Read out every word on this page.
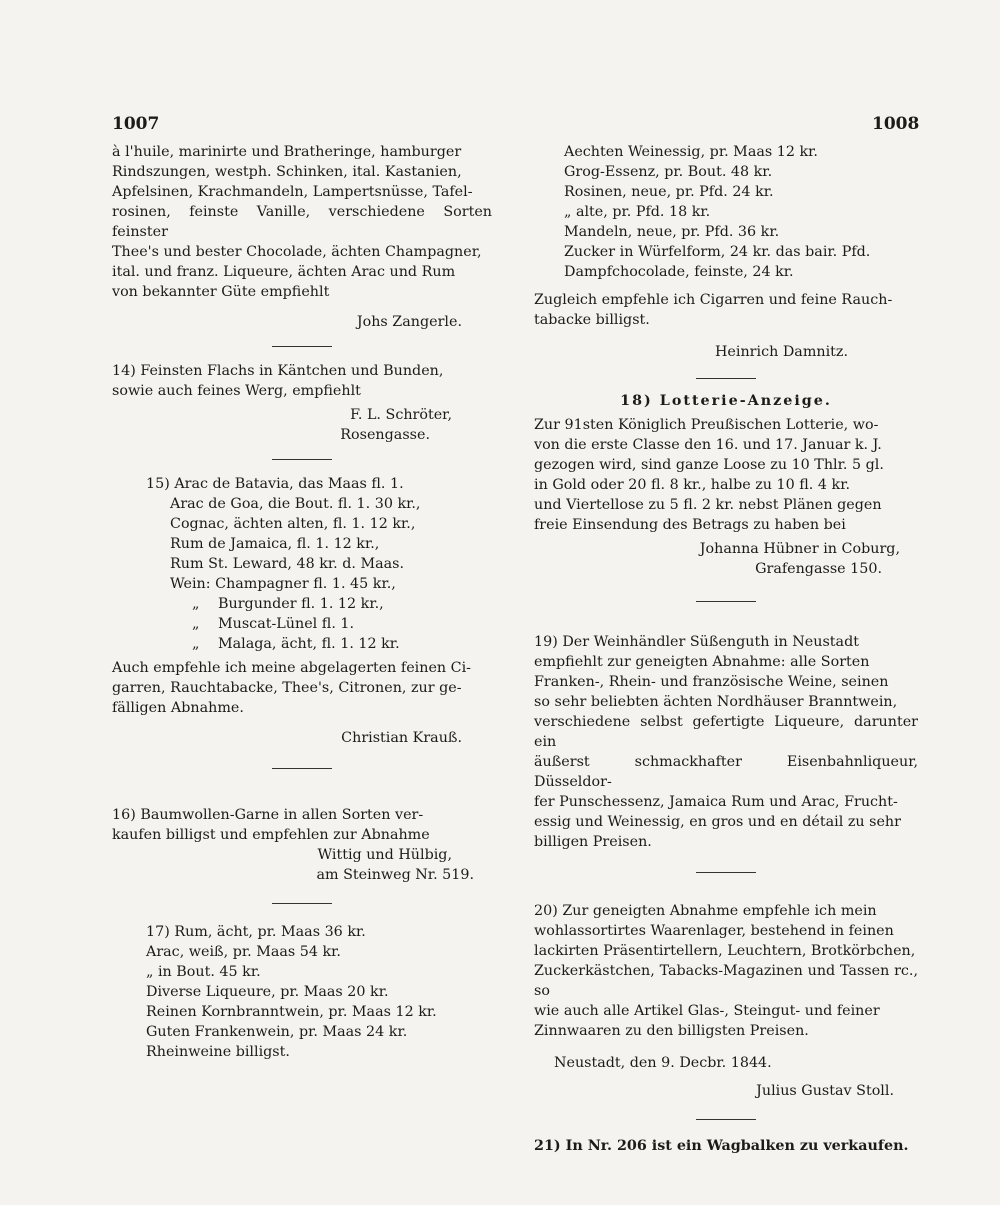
1007	1008

à l'huile, marinirte und Bratheringe, hamburger

Rindszungen, westph. Schinken, ital. Kastanien,

Apfelsinen, Krachmandeln, Lampertsnüsse, Tafel-

rosinen, feinste Vanille, verschiedene Sorten feinster

Thee's und bester Chocolade, ächten Champagner,

ital. und franz. Liqueure, ächten Arac und Rum

von bekannter Güte empfiehlt

Johs Zangerle.

14) Feinsten Flachs in Käntchen und Bunden,

sowie auch feines Werg, empfiehlt

F. L. Schröter,

Rosengasse.

15) Arac de Batavia, das Maas fl. 1.

Arac de Goa, die Bout. fl. 1. 30 kr.,

Cognac, ächten alten, fl. 1. 12 kr.,

Rum de Jamaica, fl. 1. 12 kr.,

Rum St. Leward, 48 kr. d. Maas.

Wein: Champagner fl. 1. 45 kr.,

„ Burgunder fl. 1. 12 kr.,

„ Muscat-Lünel fl. 1.

„ Malaga, ächt, fl. 1. 12 kr.

Auch empfehle ich meine abgelagerten feinen Ci-

garren, Rauchtabacke, Thee's, Citronen, zur ge-

fälligen Abnahme.

Christian Krauß.

16) Baumwollen-Garne in allen Sorten ver-

kaufen billigst und empfehlen zur Abnahme

Wittig und Hülbig,

am Steinweg Nr. 519.

17) Rum, ächt, pr. Maas 36 kr.

Arac, weiß, pr. Maas 54 kr.

„ in Bout. 45 kr.

Diverse Liqueure, pr. Maas 20 kr.

Reinen Kornbranntwein, pr. Maas 12 kr.

Guten Frankenwein, pr. Maas 24 kr.

Rheinweine billigst.

Aechten Weinessig, pr. Maas 12 kr.

Grog-Essenz, pr. Bout. 48 kr.

Rosinen, neue, pr. Pfd. 24 kr.

„ alte, pr. Pfd. 18 kr.

Mandeln, neue, pr. Pfd. 36 kr.

Zucker in Würfelform, 24 kr. das bair. Pfd.

Dampfchocolade, feinste, 24 kr.

Zugleich empfehle ich Cigarren und feine Rauch-

tabacke billigst.

Heinrich Damnitz.

18) Lotterie-Anzeige.

Zur 91sten Königlich Preußischen Lotterie, wo-

von die erste Classe den 16. und 17. Januar k. J.

gezogen wird, sind ganze Loose zu 10 Thlr. 5 gl.

in Gold oder 20 fl. 8 kr., halbe zu 10 fl. 4 kr.

und Viertellose zu 5 fl. 2 kr. nebst Plänen gegen

freie Einsendung des Betrags zu haben bei

Johanna Hübner in Coburg,

Grafengasse 150.

19) Der Weinhändler Süßenguth in Neustadt

empfiehlt zur geneigten Abnahme: alle Sorten

Franken-, Rhein- und französische Weine, seinen

so sehr beliebten ächten Nordhäuser Branntwein,

verschiedene selbst gefertigte Liqueure, darunter ein

äußerst schmackhafter Eisenbahnliqueur, Düsseldor-

fer Punschessenz, Jamaica Rum und Arac, Frucht-

essig und Weinessig, en gros und en détail zu sehr

billigen Preisen.

20) Zur geneigten Abnahme empfehle ich mein

wohlassortirtes Waarenlager, bestehend in feinen

lackirten Präsentirtellern, Leuchtern, Brotkörbchen,

Zuckerkästchen, Tabacks-Magazinen und Tassen rc., so

wie auch alle Artikel Glas-, Steingut- und feiner

Zinnwaaren zu den billigsten Preisen.

Neustadt, den 9. Decbr. 1844.

Julius Gustav Stoll.

21) In Nr. 206 ist ein Wagbalken zu verkaufen.
